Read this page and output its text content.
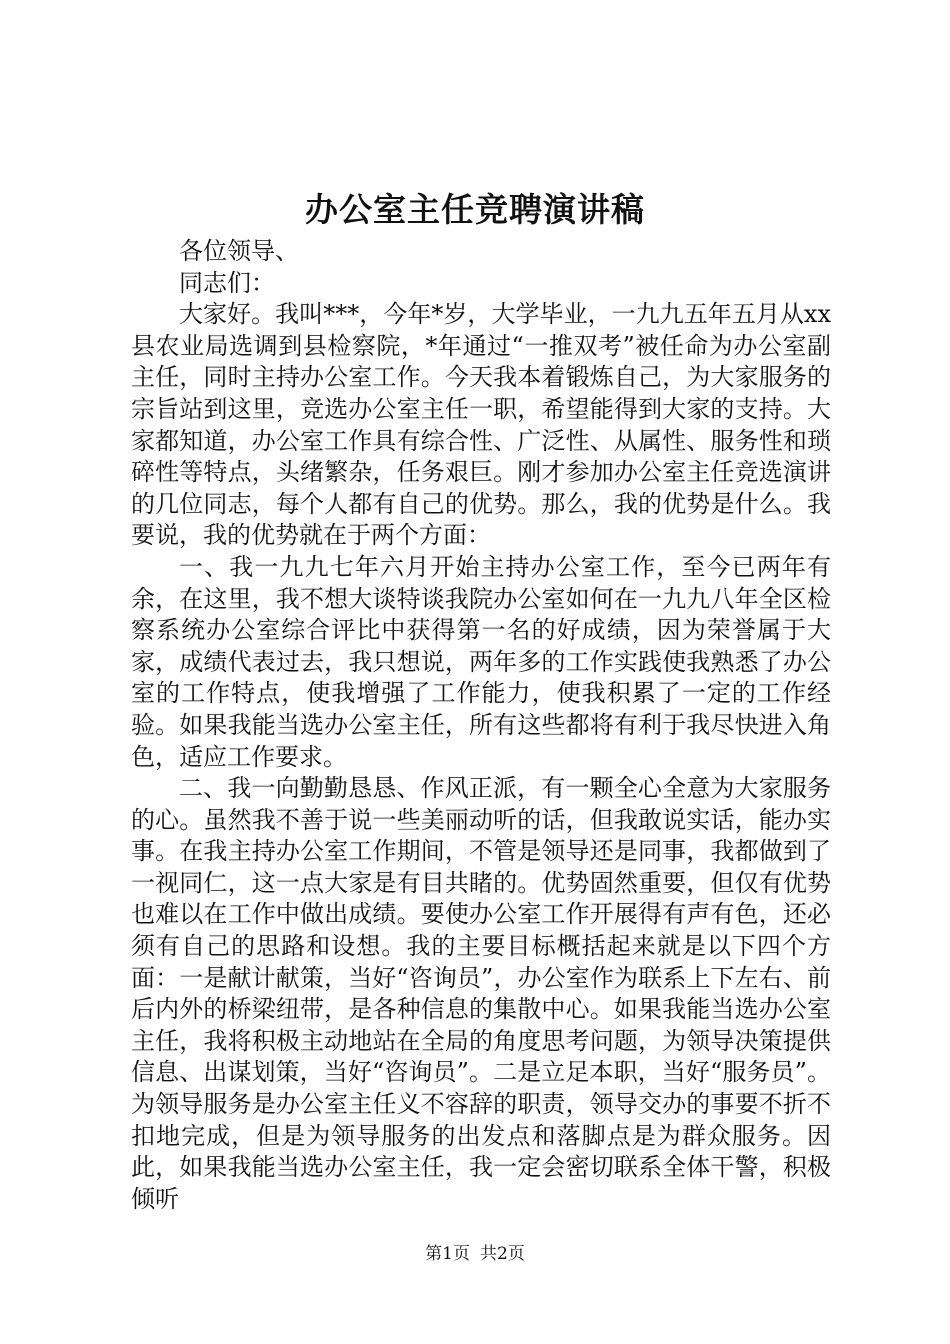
办公室主任竞聘演讲稿

各位领导、

同志们：

大家好。我叫***，今年*岁，大学毕业，一九九五年五月从xx县农业局选调到县检察院，*年通过“一推双考”被任命为办公室副主任，同时主持办公室工作。今天我本着锻炼自己，为大家服务的宗旨站到这里，竞选办公室主任一职，希望能得到大家的支持。大家都知道，办公室工作具有综合性、广泛性、从属性、服务性和琐碎性等特点，头绪繁杂，任务艰巨。刚才参加办公室主任竞选演讲的几位同志，每个人都有自己的优势。那么，我的优势是什么。我要说，我的优势就在于两个方面：

一、我一九九七年六月开始主持办公室工作，至今已两年有余，在这里，我不想大谈特谈我院办公室如何在一九九八年全区检察系统办公室综合评比中获得第一名的好成绩，因为荣誉属于大家，成绩代表过去，我只想说，两年多的工作实践使我熟悉了办公室的工作特点，使我增强了工作能力，使我积累了一定的工作经验。如果我能当选办公室主任，所有这些都将有利于我尽快进入角色，适应工作要求。

二、我一向勤勤恳恳、作风正派，有一颗全心全意为大家服务的心。虽然我不善于说一些美丽动听的话，但我敢说实话，能办实事。在我主持办公室工作期间，不管是领导还是同事，我都做到了一视同仁，这一点大家是有目共睹的。优势固然重要，但仅有优势也难以在工作中做出成绩。要使办公室工作开展得有声有色，还必须有自己的思路和设想。我的主要目标概括起来就是以下四个方面：一是献计献策，当好“咨询员”，办公室作为联系上下左右、前后内外的桥梁纽带，是各种信息的集散中心。如果我能当选办公室主任，我将积极主动地站在全局的角度思考问题，为领导决策提供信息、出谋划策，当好“咨询员”。二是立足本职，当好“服务员”。为领导服务是办公室主任义不容辞的职责，领导交办的事要不折不扣地完成，但是为领导服务的出发点和落脚点是为群众服务。因此，如果我能当选办公室主任，我一定会密切联系全体干警，积极倾听

第1页 共2页
